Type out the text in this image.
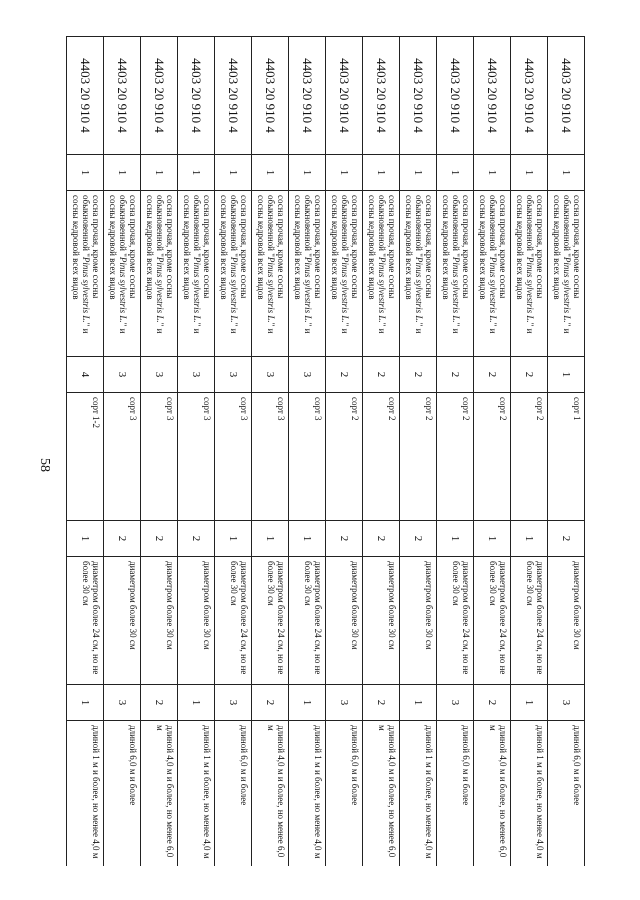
58
4403 20 910 4	1	сосна прочая, кроме сосны обыкновенной "Pinus sylvestris L." и сосны кедровой всех видов	1	сорт 1	2	диаметром более 30 см	3	длиной 6,0 м и более
4403 20 910 4	1	сосна прочая, кроме сосны обыкновенной "Pinus sylvestris L." и сосны кедровой всех видов	2	сорт 2	1	диаметром более 24 см, но не более 30 см	1	длиной 1 м и более, но менее 4,0 м
4403 20 910 4	1	сосна прочая, кроме сосны обыкновенной "Pinus sylvestris L." и сосны кедровой всех видов	2	сорт 2	1	диаметром более 24 см, но не более 30 см	2	длиной 4,0 м и более, но менее 6,0 м
4403 20 910 4	1	сосна прочая, кроме сосны обыкновенной "Pinus sylvestris L." и сосны кедровой всех видов	2	сорт 2	1	диаметром более 24 см, но не более 30 см	3	длиной 6,0 м и более
4403 20 910 4	1	сосна прочая, кроме сосны обыкновенной "Pinus sylvestris L." и сосны кедровой всех видов	2	сорт 2	2	диаметром более 30 см	1	длиной 1 м и более, но менее 4,0 м
4403 20 910 4	1	сосна прочая, кроме сосны обыкновенной "Pinus sylvestris L." и сосны кедровой всех видов	2	сорт 2	2	диаметром более 30 см	2	длиной 4,0 м и более, но менее 6,0 м
4403 20 910 4	1	сосна прочая, кроме сосны обыкновенной "Pinus sylvestris L." и сосны кедровой всех видов	2	сорт 2	2	диаметром более 30 см	3	длиной 6,0 м и более
4403 20 910 4	1	сосна прочая, кроме сосны обыкновенной "Pinus sylvestris L." и сосны кедровой всех видов	3	сорт 3	1	диаметром более 24 см, но не более 30 см	1	длиной 1 м и более, но менее 4,0 м
4403 20 910 4	1	сосна прочая, кроме сосны обыкновенной "Pinus sylvestris L." и сосны кедровой всех видов	3	сорт 3	1	диаметром более 24 см, но не более 30 см	2	длиной 4,0 м и более, но менее 6,0 м
4403 20 910 4	1	сосна прочая, кроме сосны обыкновенной "Pinus sylvestris L." и сосны кедровой всех видов	3	сорт 3	1	диаметром более 24 см, но не более 30 см	3	длиной 6,0 м и более
4403 20 910 4	1	сосна прочая, кроме сосны обыкновенной "Pinus sylvestris L." и сосны кедровой всех видов	3	сорт 3	2	диаметром более 30 см	1	длиной 1 м и более, но менее 4,0 м
4403 20 910 4	1	сосна прочая, кроме сосны обыкновенной "Pinus sylvestris L." и сосны кедровой всех видов	3	сорт 3	2	диаметром более 30 см	2	длиной 4,0 м и более, но менее 6,0 м
4403 20 910 4	1	сосна прочая, кроме сосны обыкновенной "Pinus sylvestris L." и сосны кедровой всех видов	3	сорт 3	2	диаметром более 30 см	3	длиной 6,0 м и более
4403 20 910 4	1	сосна прочая, кроме сосны обыкновенной "Pinus sylvestris L." и сосны кедровой всех видов	4	сорт 1-2	1	диаметром более 24 см, но не более 30 см	1	длиной 1 м и более, но менее 4,0 м
